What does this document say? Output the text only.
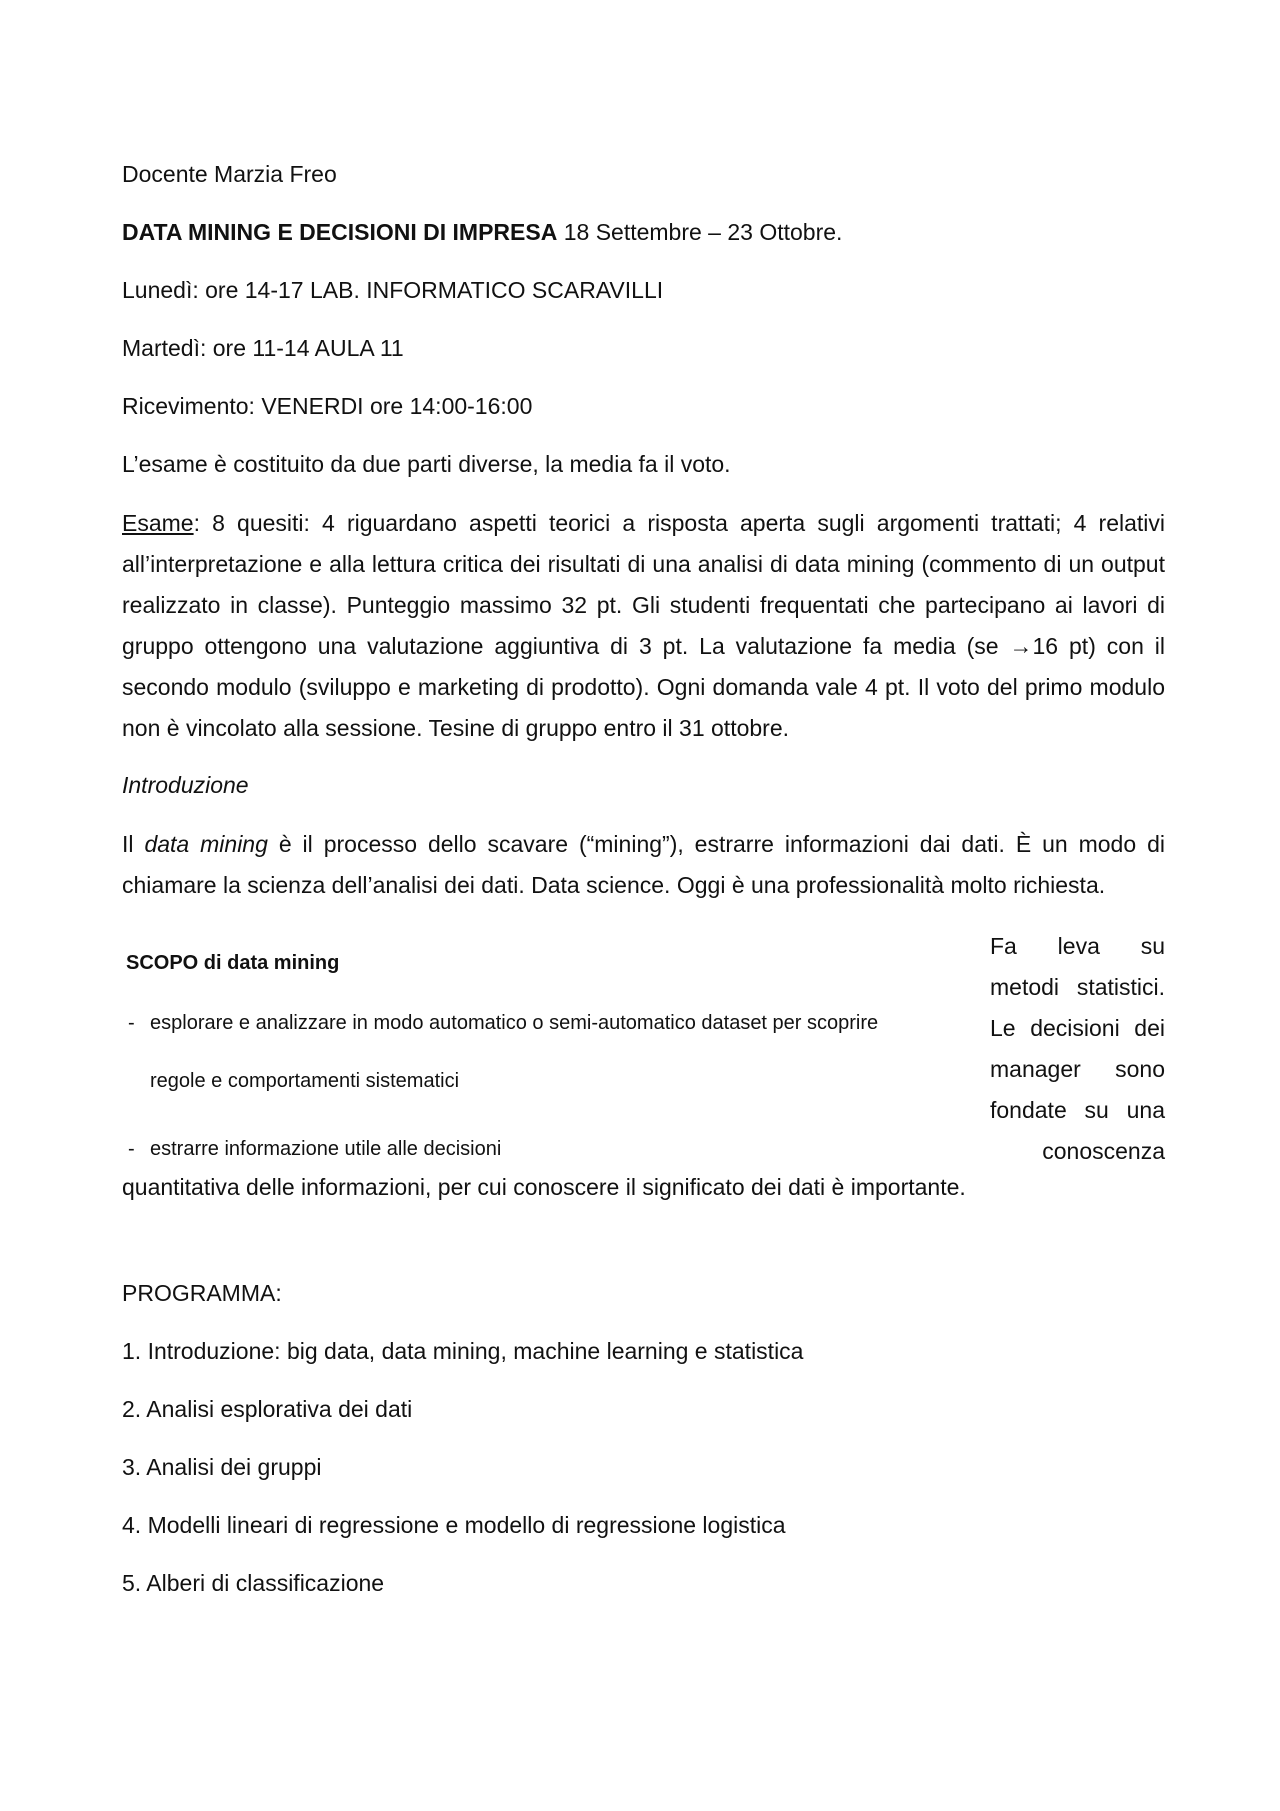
Docente Marzia Freo

DATA MINING E DECISIONI DI IMPRESA 18 Settembre – 23 Ottobre.

Lunedì: ore 14-17 LAB. INFORMATICO SCARAVILLI

Martedì: ore 11-14 AULA 11

Ricevimento: VENERDI ore 14:00-16:00

L’esame è costituito da due parti diverse, la media fa il voto.

Esame: 8 quesiti: 4 riguardano aspetti teorici a risposta aperta sugli argomenti trattati; 4 relativi all’interpretazione e alla lettura critica dei risultati di una analisi di data mining (commento di un output realizzato in classe). Punteggio massimo 32 pt. Gli studenti frequentati che partecipano ai lavori di gruppo ottengono una valutazione aggiuntiva di 3 pt. La valutazione fa media (se →16 pt) con il secondo modulo (sviluppo e marketing di prodotto). Ogni domanda vale 4 pt. Il voto del primo modulo non è vincolato alla sessione. Tesine di gruppo entro il 31 ottobre.

Introduzione

Il data mining è il processo dello scavare (“mining”), estrarre informazioni dai dati. È un modo di chiamare la scienza dell’analisi dei dati. Data science. Oggi è una professionalità molto richiesta.

SCOPO di data mining

- esplorare e analizzare in modo automatico o semi-automatico dataset per scoprire

regole e comportamenti sistematici

- estrarre informazione utile alle decisioni

Fa leva su
metodi statistici.
Le decisioni dei
manager sono
fondate su una
conoscenza

quantitativa delle informazioni, per cui conoscere il significato dei dati è importante.

PROGRAMMA:

1. Introduzione: big data, data mining, machine learning e statistica

2. Analisi esplorativa dei dati

3. Analisi dei gruppi

4. Modelli lineari di regressione e modello di regressione logistica

5. Alberi di classificazione
